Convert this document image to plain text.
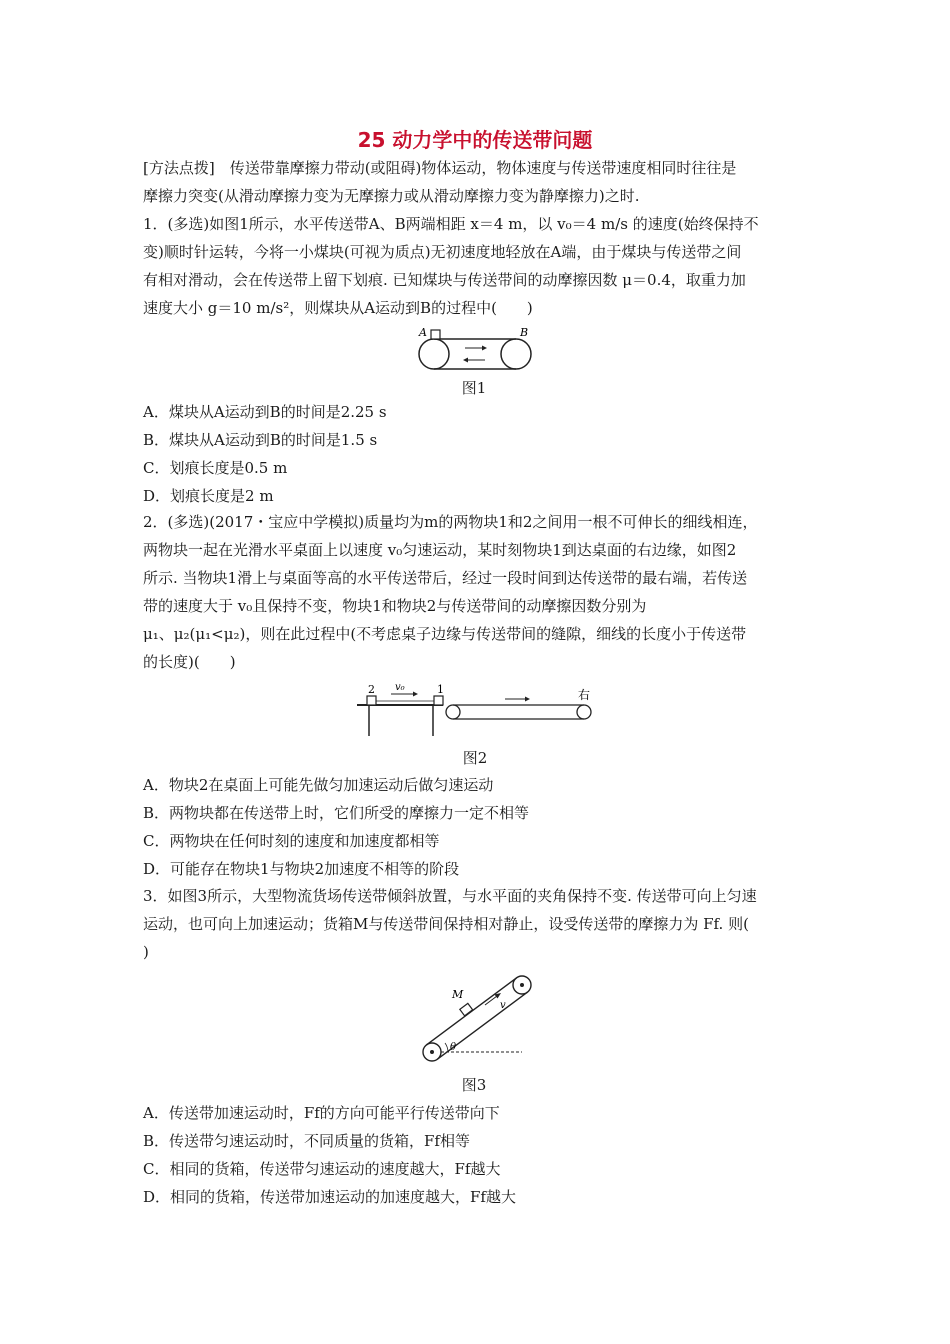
25 动力学中的传送带问题
[方法点拨]　传送带靠摩擦力带动(或阻碍)物体运动，物体速度与传送带速度相同时往往是
摩擦力突变(从滑动摩擦力变为无摩擦力或从滑动摩擦力变为静摩擦力)之时.
1．(多选)如图1所示，水平传送带A、B两端相距 x＝4 m，以 v₀＝4 m/s 的速度(始终保持不
变)顺时针运转，今将一小煤块(可视为质点)无初速度地轻放在A端，由于煤块与传送带之间
有相对滑动，会在传送带上留下划痕. 已知煤块与传送带间的动摩擦因数 μ＝0.4，取重力加
速度大小 g＝10 m/s²，则煤块从A运动到B的过程中(　　)
A	B
图1
A．煤块从A运动到B的时间是2.25 s
B．煤块从A运动到B的时间是1.5 s
C．划痕长度是0.5 m
D．划痕长度是2 m
2．(多选)(2017・宝应中学模拟)质量均为m的两物块1和2之间用一根不可伸长的细线相连，
两物块一起在光滑水平桌面上以速度 v₀匀速运动，某时刻物块1到达桌面的右边缘，如图2
所示. 当物块1滑上与桌面等高的水平传送带后，经过一段时间到达传送带的最右端，若传送
带的速度大于 v₀且保持不变，物块1和物块2与传送带间的动摩擦因数分别为
μ₁、μ₂(μ₁<μ₂)，则在此过程中(不考虑桌子边缘与传送带间的缝隙，细线的长度小于传送带
的长度)(　　)
2	1
v₀
右
图2
A．物块2在桌面上可能先做匀加速运动后做匀速运动
B．两物块都在传送带上时，它们所受的摩擦力一定不相等
C．两物块在任何时刻的速度和加速度都相等
D．可能存在物块1与物块2加速度不相等的阶段
3．如图3所示，大型物流货场传送带倾斜放置，与水平面的夹角保持不变. 传送带可向上匀速
运动，也可向上加速运动；货箱M与传送带间保持相对静止，设受传送带的摩擦力为 Ff. 则(
)
θ
M
v
图3
A．传送带加速运动时，Ff的方向可能平行传送带向下
B．传送带匀速运动时，不同质量的货箱，Ff相等
C．相同的货箱，传送带匀速运动的速度越大，Ff越大
D．相同的货箱，传送带加速运动的加速度越大，Ff越大
